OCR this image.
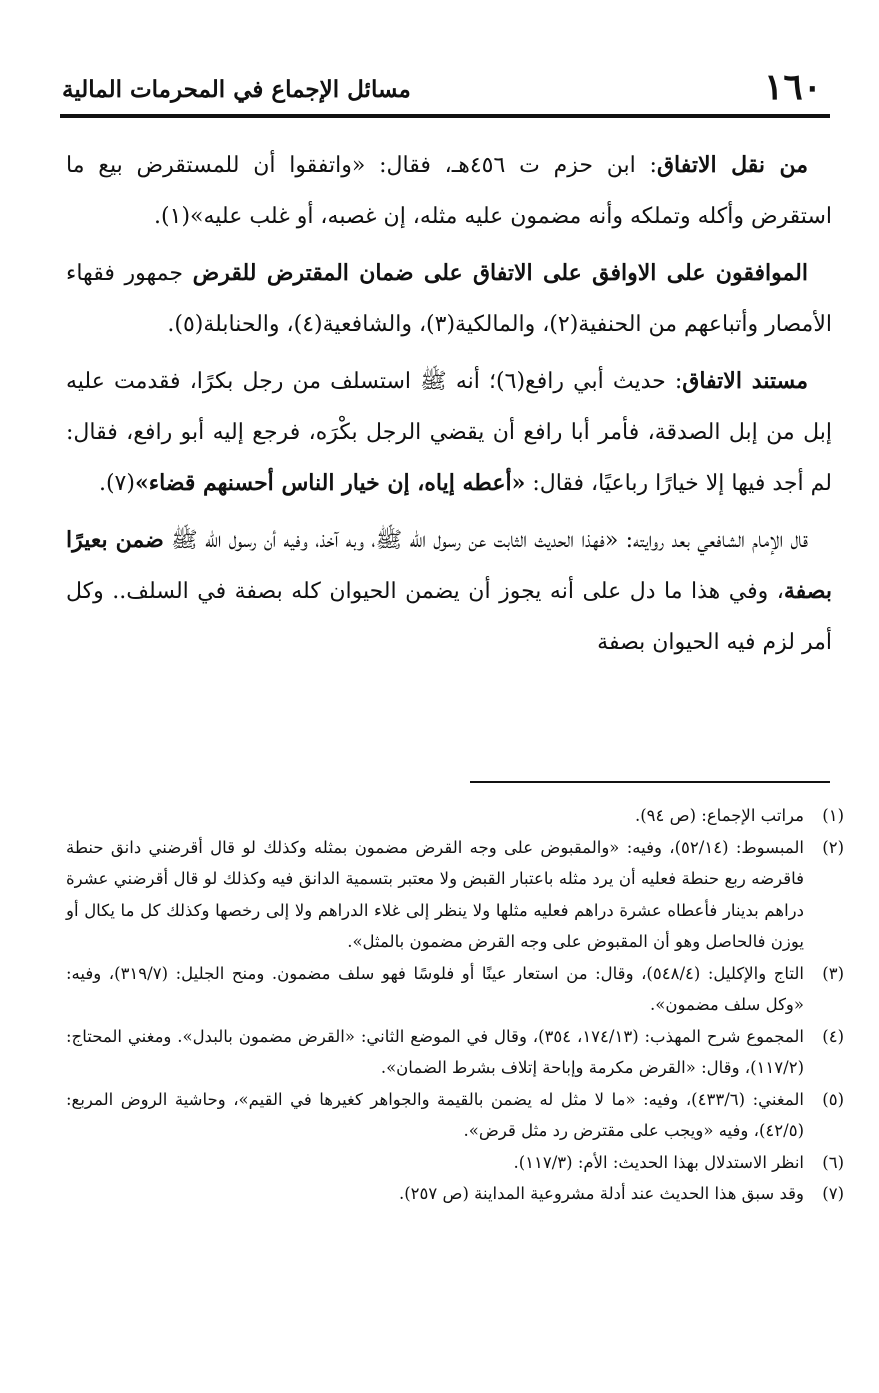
١٦٠
مسائل الإجماع في المحرمات المالية

من نقل الاتفاق: ابن حزم ت ٤٥٦هـ، فقال: «واتفقوا أن للمستقرض بيع ما استقرض وأكله وتملكه وأنه مضمون عليه مثله، إن غصبه، أو غلب عليه»(١).

الموافقون على الاوافق على الاتفاق على ضمان المقترض للقرض جمهور فقهاء الأمصار وأتباعهم من الحنفية(٢)، والمالكية(٣)، والشافعية(٤)، والحنابلة(٥).

مستند الاتفاق: حديث أبي رافع(٦)؛ أنه ﷺ استسلف من رجل بكرًا، فقدمت عليه إبل من إبل الصدقة، فأمر أبا رافع أن يقضي الرجل بكْرَه، فرجع إليه أبو رافع، فقال: لم أجد فيها إلا خيارًا رباعيًا، فقال: «أعطه إياه، إن خيار الناس أحسنهم قضاء»(٧).

قال الإمام الشافعي بعد روايته: «فهذا الحديث الثابت عن رسول الله ﷺ، وبه آخذ، وفيه أن رسول الله ﷺ ضمن بعيرًا بصفة، وفي هذا ما دل على أنه يجوز أن يضمن الحيوان كله بصفة في السلف.. وكل أمر لزم فيه الحيوان بصفة

(١)
مراتب الإجماع: (ص ٩٤).
(٢)
المبسوط: (٥٢/١٤)، وفيه: «والمقبوض على وجه القرض مضمون بمثله وكذلك لو قال أقرضني دانق حنطة فاقرضه ربع حنطة فعليه أن يرد مثله باعتبار القبض ولا معتبر بتسمية الدانق فيه وكذلك لو قال أقرضني عشرة دراهم بدينار فأعطاه عشرة دراهم فعليه مثلها ولا ينظر إلى غلاء الدراهم ولا إلى رخصها وكذلك كل ما يكال أو يوزن فالحاصل وهو أن المقبوض على وجه القرض مضمون بالمثل».
(٣)
التاج والإكليل: (٥٤٨/٤)، وقال: من استعار عينًا أو فلوسًا فهو سلف مضمون. ومنح الجليل: (٣١٩/٧)، وفيه: «وكل سلف مضمون».
(٤)
المجموع شرح المهذب: (١٧٤/١٣، ٣٥٤)، وقال في الموضع الثاني: «القرض مضمون بالبدل». ومغني المحتاج: (١١٧/٢)، وقال: «القرض مكرمة وإباحة إتلاف بشرط الضمان».
(٥)
المغني: (٤٣٣/٦)، وفيه: «ما لا مثل له يضمن بالقيمة والجواهر كغيرها في القيم»، وحاشية الروض المربع: (٤٢/٥)، وفيه «ويجب على مقترض رد مثل قرض».
(٦)
انظر الاستدلال بهذا الحديث: الأم: (١١٧/٣).
(٧)
وقد سبق هذا الحديث عند أدلة مشروعية المداينة (ص ٢٥٧).
